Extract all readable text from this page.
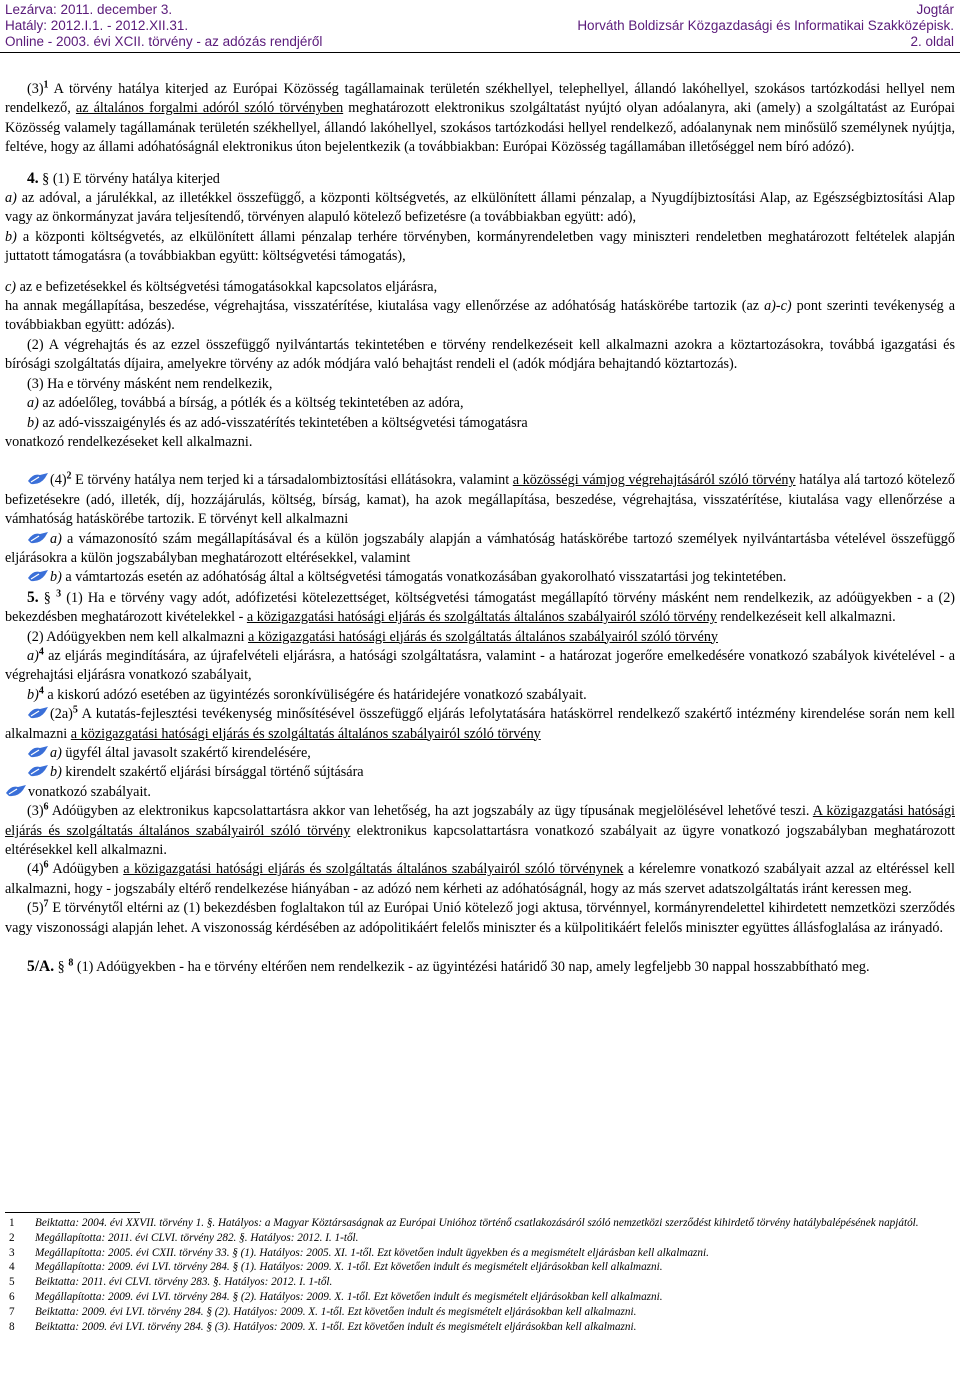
Lezárva: 2011. december 3.
Hatály: 2012.I.1. - 2012.XII.31.
Online - 2003. évi XCII. törvény - az adózás rendjéről
Jogtár
Horváth Boldizsár Közgazdasági és Informatikai Szakközépisk.
2. oldal

$(3)^1$ A törvény hatálya kiterjed az Európai Közösség tagállamainak területén székhellyel, telephellyel, állandó lakóhellyel, szokásos tartózkodási hellyel nem rendelkező, az általános forgalmi adóról szóló törvényben meghatározott elektronikus szolgáltatást nyújtó olyan adóalanyra, aki (amely) a szolgáltatást az Európai Közösség valamely tagállamának területén székhellyel, állandó lakóhellyel, szokásos tartózkodási hellyel rendelkező, adóalanynak nem minősülő személynek nyújtja, feltéve, hogy az állami adóhatóságnál elektronikus úton bejelentkezik (a továbbiakban: Európai Közösség tagállamában illetőséggel nem bíró adózó).

4. § (1) E törvény hatálya kiterjed

a) az adóval, a járulékkal, az illetékkel összefüggő, a központi költségvetés, az elkülönített állami pénzalap, a Nyugdíjbiztosítási Alap, az Egészségbiztosítási Alap vagy az önkormányzat javára teljesítendő, törvényen alapuló kötelező befizetésre (a továbbiakban együtt: adó),

b) a központi költségvetés, az elkülönített állami pénzalap terhére törvényben, kormányrendeletben vagy miniszteri rendeletben meghatározott feltételek alapján juttatott támogatásra (a továbbiakban együtt: költségvetési támogatás),

c) az e befizetésekkel és költségvetési támogatásokkal kapcsolatos eljárásra,

ha annak megállapítása, beszedése, végrehajtása, visszatérítése, kiutalása vagy ellenőrzése az adóhatóság hatáskörébe tartozik (az a)-c) pont szerinti tevékenység a továbbiakban együtt: adózás).

(2) A végrehajtás és az ezzel összefüggő nyilvántartás tekintetében e törvény rendelkezéseit kell alkalmazni azokra a köztartozásokra, továbbá igazgatási és bírósági szolgáltatás díjaira, amelyekre törvény az adók módjára való behajtást rendeli el (adók módjára behajtandó köztartozás).

(3) Ha e törvény másként nem rendelkezik,

a) az adóelőleg, továbbá a bírság, a pótlék és a költség tekintetében az adóra,

b) az adó-visszaigénylés és az adó-visszatérítés tekintetében a költségvetési támogatásra

vonatkozó rendelkezéseket kell alkalmazni.

$(4)^2$ E törvény hatálya nem terjed ki a társadalombiztosítási ellátásokra, valamint a közösségi vámjog végrehajtásáról szóló törvény hatálya alá tartozó kötelező befizetésekre (adó, illeték, díj, hozzájárulás, költség, bírság, kamat), ha azok megállapítása, beszedése, végrehajtása, visszatérítése, kiutalása vagy ellenőrzése a vámhatóság hatáskörébe tartozik. E törvényt kell alkalmazni

a) a vámazonosító szám megállapításával és a külön jogszabály alapján a vámhatóság hatáskörébe tartozó személyek nyilvántartásba vételével összefüggő eljárásokra a külön jogszabályban meghatározott eltérésekkel, valamint

b) a vámtartozás esetén az adóhatóság által a költségvetési támogatás vonatkozásában gyakorolható visszatartási jog tekintetében.

5. § $^3$ (1) Ha e törvény vagy adót, adófizetési kötelezettséget, költségvetési támogatást megállapító törvény másként nem rendelkezik, az adóügyekben - a (2) bekezdésben meghatározott kivételekkel - a közigazgatási hatósági eljárás és szolgáltatás általános szabályairól szóló törvény rendelkezéseit kell alkalmazni.

(2) Adóügyekben nem kell alkalmazni a közigazgatási hatósági eljárás és szolgáltatás általános szabályairól szóló törvény

a)$^4$ az eljárás megindítására, az újrafelvételi eljárásra, a hatósági szolgáltatásra, valamint - a határozat jogerőre emelkedésére vonatkozó szabályok kivételével - a végrehajtási eljárásra vonatkozó szabályait,

b)$^4$ a kiskorú adózó esetében az ügyintézés soronkívüliségére és határidejére vonatkozó szabályait.

$(2a)^5$ A kutatás-fejlesztési tevékenység minősítésével összefüggő eljárás lefolytatására hatáskörrel rendelkező szakértő intézmény kirendelése során nem kell alkalmazni a közigazgatási hatósági eljárás és szolgáltatás általános szabályairól szóló törvény

a) ügyfél által javasolt szakértő kirendelésére,

b) kirendelt szakértő eljárási bírsággal történő sújtására

vonatkozó szabályait.

$(3)^6$ Adóügyben az elektronikus kapcsolattartásra akkor van lehetőség, ha azt jogszabály az ügy típusának megjelölésével lehetővé teszi. A közigazgatási hatósági eljárás és szolgáltatás általános szabályairól szóló törvény elektronikus kapcsolattartásra vonatkozó szabályait az ügyre vonatkozó jogszabályban meghatározott eltérésekkel kell alkalmazni.

$(4)^6$ Adóügyben a közigazgatási hatósági eljárás és szolgáltatás általános szabályairól szóló törvénynek a kérelemre vonatkozó szabályait azzal az eltéréssel kell alkalmazni, hogy - jogszabály eltérő rendelkezése hiányában - az adózó nem kérheti az adóhatóságnál, hogy az más szervet adatszolgáltatás iránt keressen meg.

$(5)^7$ E törvénytől eltérni az (1) bekezdésben foglaltakon túl az Európai Unió kötelező jogi aktusa, törvénnyel, kormányrendelettel kihirdetett nemzetközi szerződés vagy viszonossági alapján lehet. A viszonosság kérdésében az adópolitikáért felelős miniszter és a külpolitikáért felelős miniszter együttes állásfoglalása az irányadó.

5/A. § $^8$ (1) Adóügyekben - ha e törvény eltérően nem rendelkezik - az ügyintézési határidő 30 nap, amely legfeljebb 30 nappal hosszabbítható meg.

1 Beiktatta: 2004. évi XXVII. törvény 1. §. Hatályos: a Magyar Köztársaságnak az Európai Unióhoz történő csatlakozásáról szóló nemzetközi szerződést kihirdető törvény hatálybalépésének napjától.
2 Megállapította: 2011. évi CLVI. törvény 282. §. Hatályos: 2012. I. 1-től.
3 Megállapította: 2005. évi CXII. törvény 33. § (1). Hatályos: 2005. XI. 1-től. Ezt követően indult ügyekben és a megismételt eljárásban kell alkalmazni.
4 Megállapította: 2009. évi LVI. törvény 284. § (1). Hatályos: 2009. X. 1-től. Ezt követően indult és megismételt eljárásokban kell alkalmazni.
5 Beiktatta: 2011. évi CLVI. törvény 283. §. Hatályos: 2012. I. 1-től.
6 Megállapította: 2009. évi LVI. törvény 284. § (2). Hatályos: 2009. X. 1-től. Ezt követően indult és megismételt eljárásokban kell alkalmazni.
7 Beiktatta: 2009. évi LVI. törvény 284. § (2). Hatályos: 2009. X. 1-től. Ezt követően indult és megismételt eljárásokban kell alkalmazni.
8 Beiktatta: 2009. évi LVI. törvény 284. § (3). Hatályos: 2009. X. 1-től. Ezt követően indult és megismételt eljárásokban kell alkalmazni.
